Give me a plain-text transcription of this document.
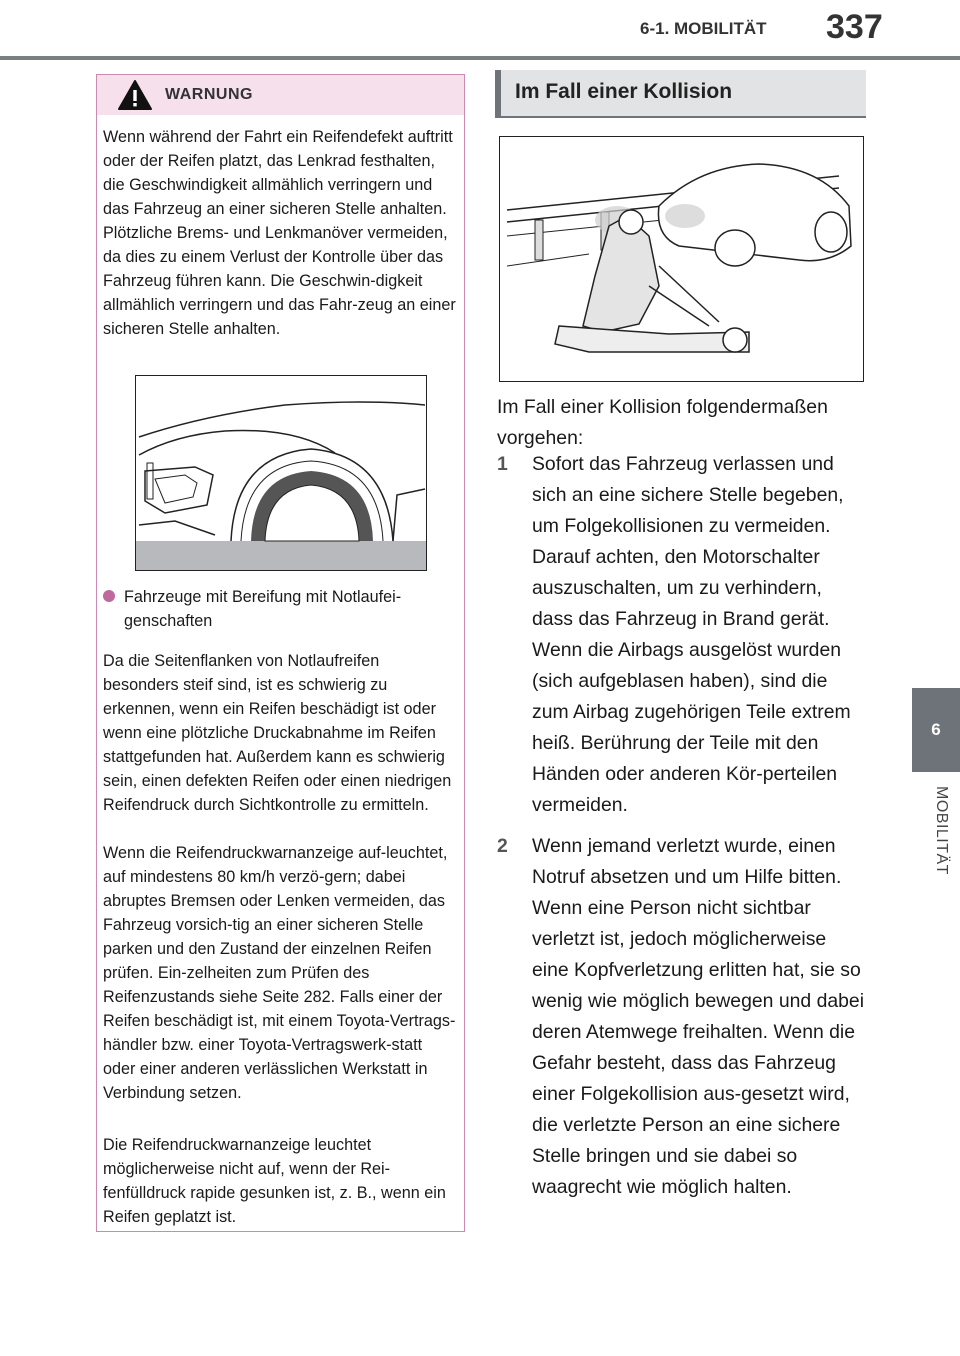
6-1. MOBILITÄT 337
6
MOBILITÄT
WARNUNG
Wenn während der Fahrt ein Reifendefekt auftritt oder der Reifen platzt, das Lenkrad festhalten, die Geschwindigkeit allmählich verringern und das Fahrzeug an einer sicheren Stelle anhalten. Plötzliche Brems- und Lenkmanöver vermeiden, da dies zu einem Verlust der Kontrolle über das Fahrzeug führen kann. Die Geschwin-digkeit allmählich verringern und das Fahr-zeug an einer sicheren Stelle anhalten.
Fahrzeuge mit Bereifung mit Notlaufei-genschaften
Da die Seitenflanken von Notlaufreifen besonders steif sind, ist es schwierig zu erkennen, wenn ein Reifen beschädigt ist oder wenn eine plötzliche Druckabnahme im Reifen stattgefunden hat. Außerdem kann es schwierig sein, einen defekten Reifen oder einen niedrigen Reifendruck durch Sichtkontrolle zu ermitteln.
Wenn die Reifendruckwarnanzeige auf-leuchtet, auf mindestens 80 km/h verzö-gern; dabei abruptes Bremsen oder Lenken vermeiden, das Fahrzeug vorsich-tig an einer sicheren Stelle parken und den Zustand der einzelnen Reifen prüfen. Ein-zelheiten zum Prüfen des Reifenzustands siehe Seite 282. Falls einer der Reifen beschädigt ist, mit einem Toyota-Vertrags-händler bzw. einer Toyota-Vertragswerk-statt oder einer anderen verlässlichen Werkstatt in Verbindung setzen.
Die Reifendruckwarnanzeige leuchtet möglicherweise nicht auf, wenn der Rei-fenfülldruck rapide gesunken ist, z. B., wenn ein Reifen geplatzt ist.
Im Fall einer Kollision
Im Fall einer Kollision folgendermaßen vorgehen:
1	Sofort das Fahrzeug verlassen und sich an eine sichere Stelle begeben, um Folgekollisionen zu vermeiden. Darauf achten, den Motorschalter auszuschalten, um zu verhindern, dass das Fahrzeug in Brand gerät. Wenn die Airbags ausgelöst wurden (sich aufgeblasen haben), sind die zum Airbag zugehörigen Teile extrem heiß. Berührung der Teile mit den Händen oder anderen Kör-perteilen vermeiden.
2	Wenn jemand verletzt wurde, einen Notruf absetzen und um Hilfe bitten. Wenn eine Person nicht sichtbar verletzt ist, jedoch möglicherweise eine Kopfverletzung erlitten hat, sie so wenig wie möglich bewegen und dabei deren Atemwege freihalten. Wenn die Gefahr besteht, dass das Fahrzeug einer Folgekollision aus-gesetzt wird, die verletzte Person an eine sichere Stelle bringen und sie dabei so waagrecht wie möglich halten.
